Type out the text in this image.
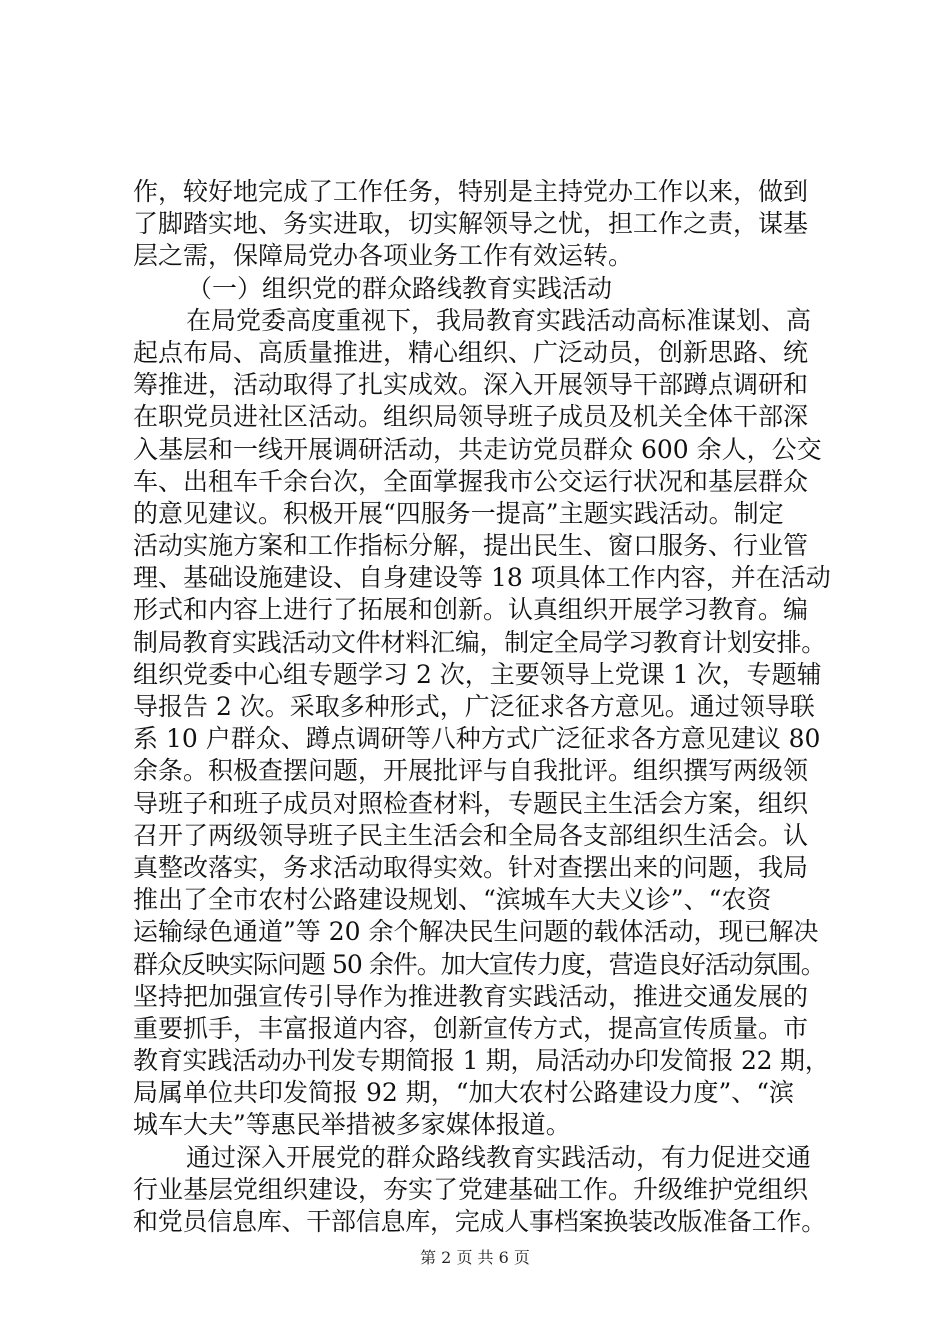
作，较好地完成了工作任务，特别是主持党办工作以来，做到
了脚踏实地、务实进取，切实解领导之忧，担工作之责，谋基
层之需，保障局党办各项业务工作有效运转。
（一）组织党的群众路线教育实践活动
在局党委高度重视下，我局教育实践活动高标准谋划、高
起点布局、高质量推进，精心组织、广泛动员，创新思路、统
筹推进，活动取得了扎实成效。深入开展领导干部蹲点调研和
在职党员进社区活动。组织局领导班子成员及机关全体干部深
入基层和一线开展调研活动，共走访党员群众 600 余人，公交
车、出租车千余台次，全面掌握我市公交运行状况和基层群众
的意见建议。积极开展“四服务一提高”主题实践活动。制定
活动实施方案和工作指标分解，提出民生、窗口服务、行业管
理、基础设施建设、自身建设等 18 项具体工作内容，并在活动
形式和内容上进行了拓展和创新。认真组织开展学习教育。编
制局教育实践活动文件材料汇编，制定全局学习教育计划安排。
组织党委中心组专题学习 2 次，主要领导上党课 1 次，专题辅
导报告 2 次。采取多种形式，广泛征求各方意见。通过领导联
系 10 户群众、蹲点调研等八种方式广泛征求各方意见建议 80
余条。积极查摆问题，开展批评与自我批评。组织撰写两级领
导班子和班子成员对照检查材料，专题民主生活会方案，组织
召开了两级领导班子民主生活会和全局各支部组织生活会。认
真整改落实，务求活动取得实效。针对查摆出来的问题，我局
推出了全市农村公路建设规划、“滨城车大夫义诊”、“农资
运输绿色通道”等 20 余个解决民生问题的载体活动，现已解决
群众反映实际问题 50 余件。加大宣传力度，营造良好活动氛围。
坚持把加强宣传引导作为推进教育实践活动，推进交通发展的
重要抓手，丰富报道内容，创新宣传方式，提高宣传质量。市
教育实践活动办刊发专期简报 1 期，局活动办印发简报 22 期，
局属单位共印发简报 92 期，“加大农村公路建设力度”、“滨
城车大夫”等惠民举措被多家媒体报道。
通过深入开展党的群众路线教育实践活动，有力促进交通
行业基层党组织建设，夯实了党建基础工作。升级维护党组织
和党员信息库、干部信息库，完成人事档案换装改版准备工作。
第 2 页 共 6 页
